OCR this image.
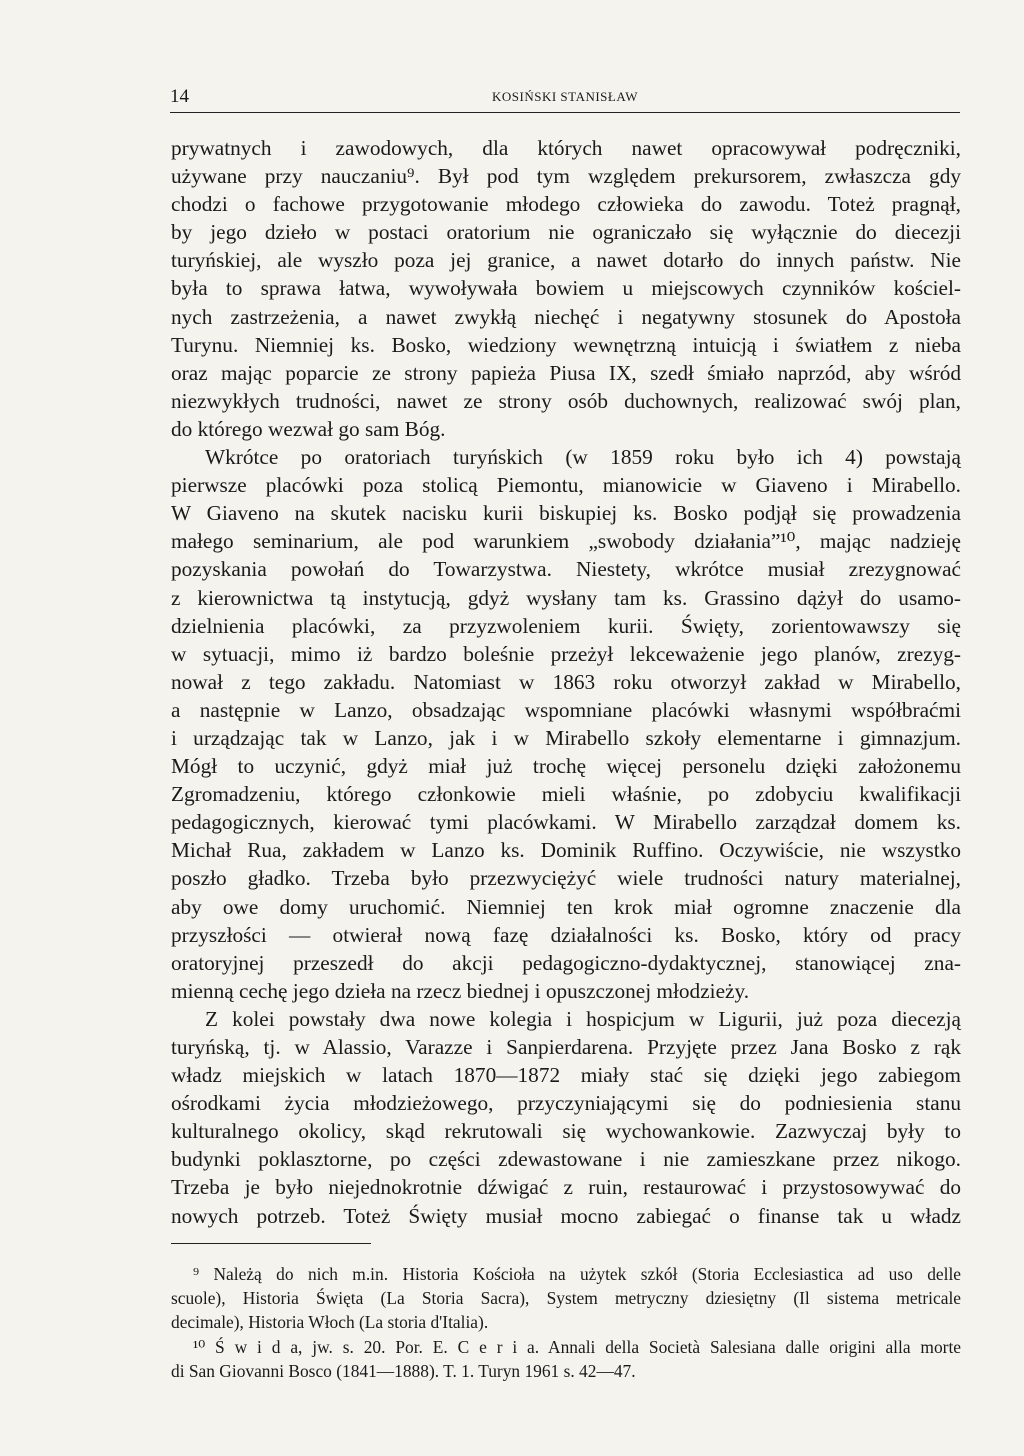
14	KOSIŃSKI STANISŁAW
prywatnych i zawodowych, dla których nawet opracowywał podręczniki,
używane przy nauczaniu⁹. Był pod tym względem prekursorem, zwłaszcza gdy
chodzi o fachowe przygotowanie młodego człowieka do zawodu. Toteż pragnął,
by jego dzieło w postaci oratorium nie ograniczało się wyłącznie do diecezji
turyńskiej, ale wyszło poza jej granice, a nawet dotarło do innych państw. Nie
była to sprawa łatwa, wywoływała bowiem u miejscowych czynników kościel-
nych zastrzeżenia, a nawet zwykłą niechęć i negatywny stosunek do Apostoła
Turynu. Niemniej ks. Bosko, wiedziony wewnętrzną intuicją i światłem z nieba
oraz mając poparcie ze strony papieża Piusa IX, szedł śmiało naprzód, aby wśród
niezwykłych trudności, nawet ze strony osób duchownych, realizować swój plan,
do którego wezwał go sam Bóg.
Wkrótce po oratoriach turyńskich (w 1859 roku było ich 4) powstają
pierwsze placówki poza stolicą Piemontu, mianowicie w Giaveno i Mirabello.
W Giaveno na skutek nacisku kurii biskupiej ks. Bosko podjął się prowadzenia
małego seminarium, ale pod warunkiem „swobody działania”¹⁰, mając nadzieję
pozyskania powołań do Towarzystwa. Niestety, wkrótce musiał zrezygnować
z kierownictwa tą instytucją, gdyż wysłany tam ks. Grassino dążył do usamo-
dzielnienia placówki, za przyzwoleniem kurii. Święty, zorientowawszy się
w sytuacji, mimo iż bardzo boleśnie przeżył lekceważenie jego planów, zrezyg-
nował z tego zakładu. Natomiast w 1863 roku otworzył zakład w Mirabello,
a następnie w Lanzo, obsadzając wspomniane placówki własnymi współbraćmi
i urządzając tak w Lanzo, jak i w Mirabello szkoły elementarne i gimnazjum.
Mógł to uczynić, gdyż miał już trochę więcej personelu dzięki założonemu
Zgromadzeniu, którego członkowie mieli właśnie, po zdobyciu kwalifikacji
pedagogicznych, kierować tymi placówkami. W Mirabello zarządzał domem ks.
Michał Rua, zakładem w Lanzo ks. Dominik Ruffino. Oczywiście, nie wszystko
poszło gładko. Trzeba było przezwyciężyć wiele trudności natury materialnej,
aby owe domy uruchomić. Niemniej ten krok miał ogromne znaczenie dla
przyszłości — otwierał nową fazę działalności ks. Bosko, który od pracy
oratoryjnej przeszedł do akcji pedagogiczno-dydaktycznej, stanowiącej zna-
mienną cechę jego dzieła na rzecz biednej i opuszczonej młodzieży.
Z kolei powstały dwa nowe kolegia i hospicjum w Ligurii, już poza diecezją
turyńską, tj. w Alassio, Varazze i Sanpierdarena. Przyjęte przez Jana Bosko z rąk
władz miejskich w latach 1870—1872 miały stać się dzięki jego zabiegom
ośrodkami życia młodzieżowego, przyczyniającymi się do podniesienia stanu
kulturalnego okolicy, skąd rekrutowali się wychowankowie. Zazwyczaj były to
budynki poklasztorne, po części zdewastowane i nie zamieszkane przez nikogo.
Trzeba je było niejednokrotnie dźwigać z ruin, restaurować i przystosowywać do
nowych potrzeb. Toteż Święty musiał mocno zabiegać o finanse tak u władz
⁹ Należą do nich m.in. Historia Kościoła na użytek szkół (Storia Ecclesiastica ad uso delle
scuole), Historia Święta (La Storia Sacra), System metryczny dziesiętny (Il sistema metricale
decimale), Historia Włoch (La storia d'Italia).
¹⁰ Ś w i d a, jw. s. 20. Por. E. C e r i a. Annali della Società Salesiana dalle origini alla morte
di San Giovanni Bosco (1841—1888). T. 1. Turyn 1961 s. 42—47.
